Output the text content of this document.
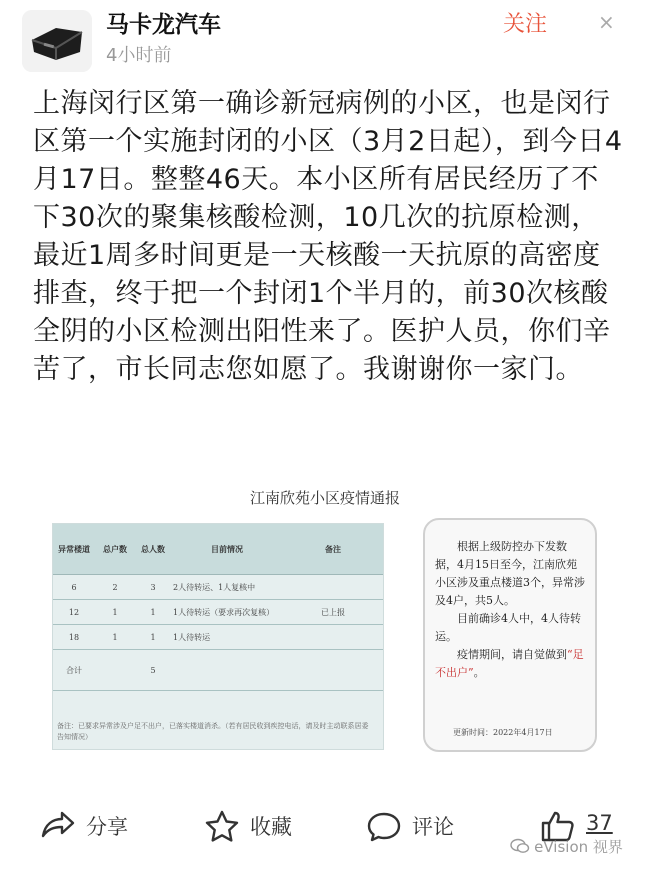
马卡龙汽车
4小时前
关注	×
上海闵行区第一确诊新冠病例的小区，也是闵行区第一个实施封闭的小区（3月2日起），到今日4月17日。整整46天。本小区所有居民经历了不下30次的聚集核酸检测，10几次的抗原检测，最近1周多时间更是一天核酸一天抗原的高密度排查，终于把一个封闭1个半月的，前30次核酸全阴的小区检测出阳性来了。医护人员，你们辛苦了，市长同志您如愿了。我谢谢你一家门。
江南欣苑小区疫情通报
异常楼道	总户数	总人数	目前情况	备注
6	2	3	2人待转运、1人复核中	
12	1	1	1人待转运（要求再次复核）	已上报
18	1	1	1人待转运	
合计		5		
备注：已要求异常涉及户足不出户，已落实楼道消杀。（若有居民收到疾控电话，请及时主动联系居委告知情况）
根据上级防控办下发数据，4月15日至今，江南欣苑小区涉及重点楼道3个，异常涉及4户，共5人。
目前确诊4人中，4人待转运。
疫情期间，请自觉做到“足不出户”。
更新时间：2022年4月17日
分享	收藏	评论	37
eVision 视界
